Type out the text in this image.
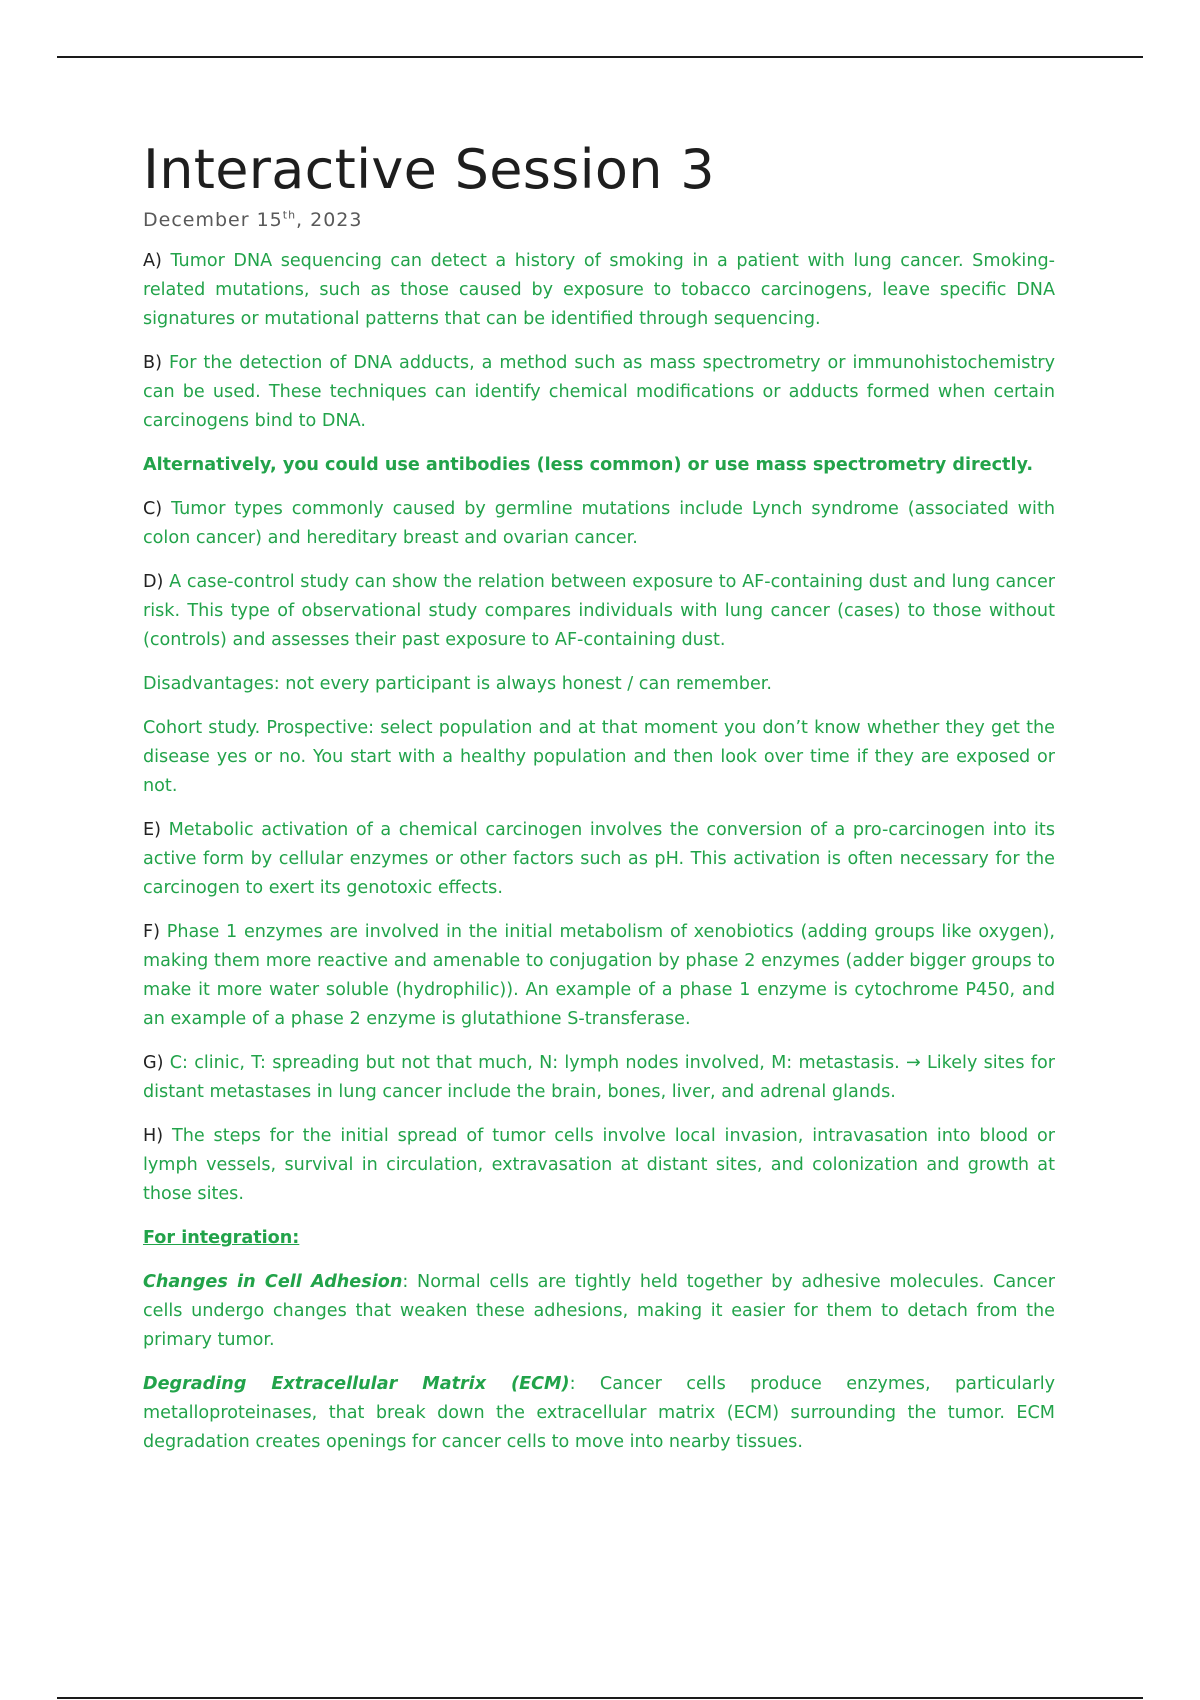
Interactive Session 3
December 15th, 2023

A) Tumor DNA sequencing can detect a history of smoking in a patient with lung cancer. Smoking-related mutations, such as those caused by exposure to tobacco carcinogens, leave specific DNA signatures or mutational patterns that can be identified through sequencing.

B) For the detection of DNA adducts, a method such as mass spectrometry or immunohistochemistry can be used. These techniques can identify chemical modifications or adducts formed when certain carcinogens bind to DNA.

Alternatively, you could use antibodies (less common) or use mass spectrometry directly.

C) Tumor types commonly caused by germline mutations include Lynch syndrome (associated with colon cancer) and hereditary breast and ovarian cancer.

D) A case-control study can show the relation between exposure to AF-containing dust and lung cancer risk. This type of observational study compares individuals with lung cancer (cases) to those without (controls) and assesses their past exposure to AF-containing dust.

Disadvantages: not every participant is always honest / can remember.

Cohort study. Prospective: select population and at that moment you don’t know whether they get the disease yes or no. You start with a healthy population and then look over time if they are exposed or not.

E) Metabolic activation of a chemical carcinogen involves the conversion of a pro-carcinogen into its active form by cellular enzymes or other factors such as pH. This activation is often necessary for the carcinogen to exert its genotoxic effects.

F) Phase 1 enzymes are involved in the initial metabolism of xenobiotics (adding groups like oxygen), making them more reactive and amenable to conjugation by phase 2 enzymes (adder bigger groups to make it more water soluble (hydrophilic)). An example of a phase 1 enzyme is cytochrome P450, and an example of a phase 2 enzyme is glutathione S-transferase.

G) C: clinic, T: spreading but not that much, N: lymph nodes involved, M: metastasis. → Likely sites for distant metastases in lung cancer include the brain, bones, liver, and adrenal glands.

H) The steps for the initial spread of tumor cells involve local invasion, intravasation into blood or lymph vessels, survival in circulation, extravasation at distant sites, and colonization and growth at those sites.

For integration:

Changes in Cell Adhesion: Normal cells are tightly held together by adhesive molecules. Cancer cells undergo changes that weaken these adhesions, making it easier for them to detach from the primary tumor.

Degrading Extracellular Matrix (ECM): Cancer cells produce enzymes, particularly metalloproteinases, that break down the extracellular matrix (ECM) surrounding the tumor. ECM degradation creates openings for cancer cells to move into nearby tissues.
